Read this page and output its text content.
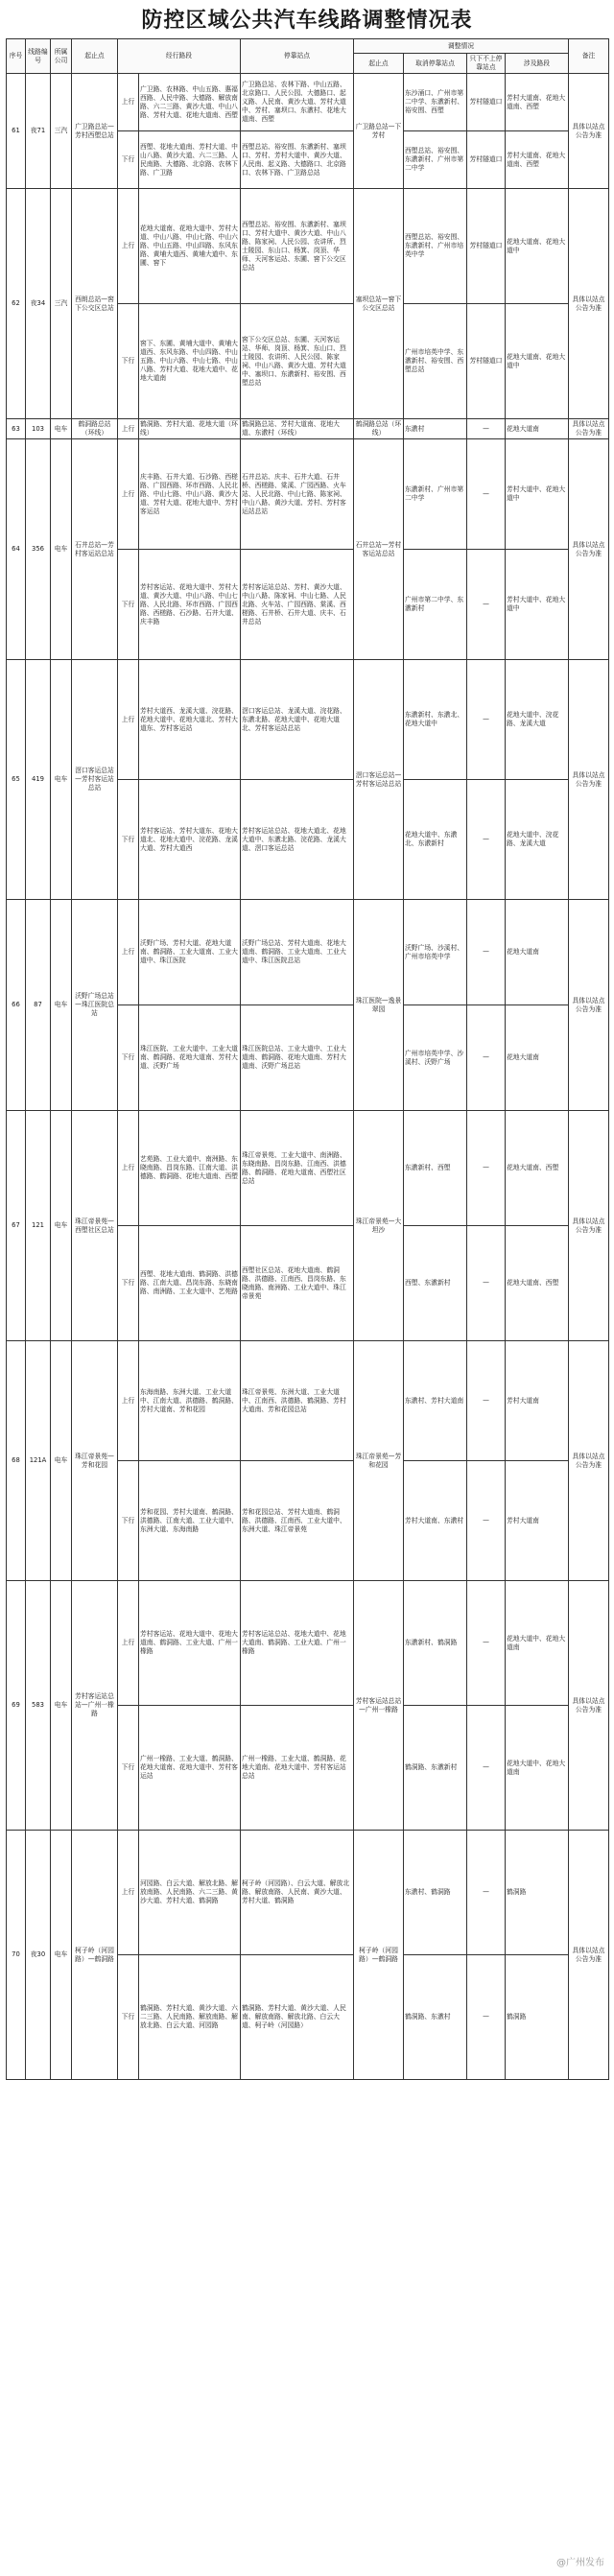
防控区域公共汽车线路调整情况表
序号	线路编号	所属公司	起止点	经行路段		停靠站点	调整情况				备注
							起止点	取消停靠站点	只下不上停靠站点	涉及路段	
61	夜71	三汽	广卫路总站—芳村西塱总站	上行	广卫路、农林路、中山五路、惠福西路、人民中路、大德路、解放南路、六二三路、黄沙大道、中山八路、芳村大道、花地大道南、西塱	广卫路总站、农林下路、中山五路、北京路口、人民公园、大德路口、起义路、人民南、黄沙大道、芳村大道中、芳村、塞坝口、东漖村、花地大道南、西塱	广卫路总站—下芳村	东沙涌口、广州市第二中学、东漖新村、裕安围、西塱	芳村隧道口	芳村大道南、花地大道南、西塱	具体以站点公告为准
				下行	西塱、花地大道南、芳村大道、中山八路、黄沙大道、六二三路、人民南路、大德路、北京路、农林下路、广卫路	西塱总站、裕安围、东漖新村、塞坝口、芳村、芳村大道中、黄沙大道、人民南、起义路、大德路口、北京路口、农林下路、广卫路总站		西塱总站、裕安围、东漖新村、广州市第二中学	芳村隧道口	芳村大道南、花地大道南、西塱	
62	夜34	三汽	西朗总站—窖下公交区总站	上行	花地大道南、花地大道中、芳村大道、中山八路、中山七路、中山六路、中山五路、中山四路、东风东路、黄埔大道西、黄埔大道中、东圃、窖下	西塱总站、裕安围、东漖新村、塞坝口、芳村大道中、黄沙大道、中山八路、陈家祠、人民公园、农讲所、烈士陵园、东山口、杨箕、岗顶、华师、天河客运站、东圃、窖下公交区总站	塞坝总站—窖下公交区总站	西塱总站、裕安围、东漖新村、广州市培英中学	芳村隧道口	花地大道南、花地大道中	具体以站点公告为准
				下行	窖下、东圃、黄埔大道中、黄埔大道西、东风东路、中山四路、中山五路、中山六路、中山七路、中山八路、芳村大道、花地大道中、花地大道南	窖下公交区总站、东圃、天河客运站、华师、岗顶、杨箕、东山口、烈士陵园、农讲所、人民公园、陈家祠、中山八路、黄沙大道、芳村大道中、塞坝口、东漖新村、裕安围、西塱总站		广州市培英中学、东漖新村、裕安围、西塱总站	芳村隧道口	花地大道南、花地大道中	
63	103	电车	鹤洞路总站（环线）	上行	鹤洞路、芳村大道、花地大道（环线）	鹤洞路总站、芳村大道南、花地大道、东漖村（环线）	鹤洞路总站（环线）	东漖村	—	花地大道南	具体以站点公告为准
64	356	电车	石井总站—芳村客运站总站	上行	庆丰路、石井大道、石沙路、西槎路、广园西路、环市西路、人民北路、中山七路、中山八路、黄沙大道、芳村大道、花地大道中、芳村客运站	石井总站、庆丰、石井大道、石井桥、西槎路、棠溪、广园西路、火车站、人民北路、中山七路、陈家祠、中山八路、黄沙大道、芳村、芳村客运站总站	石井总站—芳村客运站总站	东漖新村、广州市第二中学	—	芳村大道中、花地大道中	具体以站点公告为准
				下行	芳村客运站、花地大道中、芳村大道、黄沙大道、中山八路、中山七路、人民北路、环市西路、广园西路、西槎路、石沙路、石井大道、庆丰路	芳村客运站总站、芳村、黄沙大道、中山八路、陈家祠、中山七路、人民北路、火车站、广园西路、棠溪、西槎路、石井桥、石井大道、庆丰、石井总站		广州市第二中学、东漖新村	—	芳村大道中、花地大道中	
65	419	电车	滘口客运总站—芳村客运站总站	上行	芳村大道西、龙溪大道、浣花路、花地大道中、花地大道北、芳村大道东、芳村客运站	滘口客运总站、龙溪大道、浣花路、东漖北路、花地大道中、花地大道北、芳村客运站总站	滘口客运总站—芳村客运站总站	东漖新村、东漖北、花地大道中	—	花地大道中、浣花路、龙溪大道	具体以站点公告为准
				下行	芳村客运站、芳村大道东、花地大道北、花地大道中、浣花路、龙溪大道、芳村大道西	芳村客运站总站、花地大道北、花地大道中、东漖北路、浣花路、龙溪大道、滘口客运总站		花地大道中、东漖北、东漖新村	—	花地大道中、浣花路、龙溪大道	
66	87	电车	沃野广场总站—珠江医院总站	上行	沃野广场、芳村大道、花地大道南、鹤洞路、工业大道南、工业大道中、珠江医院	沃野广场总站、芳村大道南、花地大道南、鹤洞路、工业大道南、工业大道中、珠江医院总站	珠江医院—逸景翠园	沃野广场、沙溪村、广州市培英中学	—	花地大道南	具体以站点公告为准
				下行	珠江医院、工业大道中、工业大道南、鹤洞路、花地大道南、芳村大道、沃野广场	珠江医院总站、工业大道中、工业大道南、鹤洞路、花地大道南、芳村大道南、沃野广场总站		广州市培英中学、沙溪村、沃野广场	—	花地大道南	
67	121	电车	珠江帝景苑—西塱社区总站	上行	艺苑路、工业大道中、南洲路、东晓南路、昌岗东路、江南大道、洪德路、鹤洞路、花地大道南、西塱	珠江帝景苑、工业大道中、南洲路、东晓南路、昌岗东路、江南西、洪德路、鹤洞路、花地大道南、西塱社区总站	珠江帝景苑—大坦沙	东漖新村、西塱	—	花地大道南、西塱	具体以站点公告为准
				下行	西塱、花地大道南、鹤洞路、洪德路、江南大道、昌岗东路、东晓南路、南洲路、工业大道中、艺苑路	西塱社区总站、花地大道南、鹤洞路、洪德路、江南西、昌岗东路、东晓南路、南洲路、工业大道中、珠江帝景苑		西塱、东漖新村	—	花地大道南、西塱	
68	121A	电车	珠江帝景苑—芳和花园	上行	东海南路、东洲大道、工业大道中、江南大道、洪德路、鹤洞路、芳村大道南、芳和花园	珠江帝景苑、东洲大道、工业大道中、江南西、洪德路、鹤洞路、芳村大道南、芳和花园总站	珠江帝景苑—芳和花园	东漖村、芳村大道南	—	芳村大道南	具体以站点公告为准
				下行	芳和花园、芳村大道南、鹤洞路、洪德路、江南大道、工业大道中、东洲大道、东海南路	芳和花园总站、芳村大道南、鹤洞路、洪德路、江南西、工业大道中、东洲大道、珠江帝景苑		芳村大道南、东漖村	—	芳村大道南	
69	583	电车	芳村客运站总站—广州一橡路	上行	芳村客运站、花地大道中、花地大道南、鹤洞路、工业大道、广州一橡路	芳村客运站总站、花地大道中、花地大道南、鹤洞路、工业大道、广州一橡路	芳村客运站总站—广州一橡路	东漖新村、鹤洞路	—	花地大道中、花地大道南	具体以站点公告为准
				下行	广州一橡路、工业大道、鹤洞路、花地大道南、花地大道中、芳村客运站	广州一橡路、工业大道、鹤洞路、花地大道南、花地大道中、芳村客运站总站		鹤洞路、东漖新村	—	花地大道中、花地大道南	
70	夜30	电车	柯子岭（河园路）—鹤洞路	上行	河园路、白云大道、解放北路、解放南路、人民南路、六二三路、黄沙大道、芳村大道、鹤洞路	柯子岭（河园路）、白云大道、解放北路、解放南路、人民南、黄沙大道、芳村大道、鹤洞路	柯子岭（河园路）—鹤洞路	东漖村、鹤洞路	—	鹤洞路	具体以站点公告为准
				下行	鹤洞路、芳村大道、黄沙大道、六二三路、人民南路、解放南路、解放北路、白云大道、河园路	鹤洞路、芳村大道、黄沙大道、人民南、解放南路、解放北路、白云大道、柯子岭（河园路）		鹤洞路、东漖村	—	鹤洞路	
@广州发布
